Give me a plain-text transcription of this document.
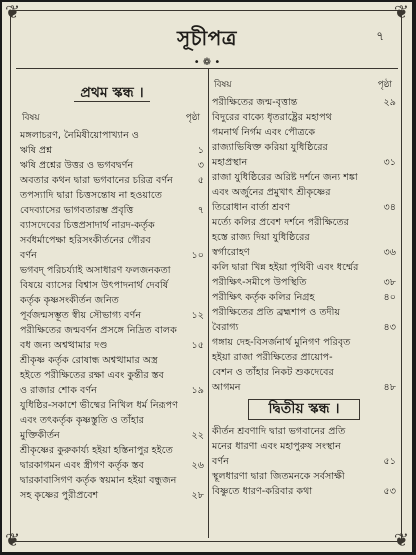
❦	❦
❦	❦
সূচীপত্র	৭
• ❁ •
প্রথম স্কন্ধ ।
বিষয়	পৃষ্ঠা
মঙ্গলাচরণ, নৈমিষীয়োপাখ্যান ও
ঋষি প্রশ্ন	১
ঋষি প্রশ্নের উত্তর ও ভগবদ্বর্ণন	৩
অবতার কথন দ্বারা ভগবানের চরিত্র বর্ণন	৫
তপস্যাদি দ্বারা চিত্তসন্তোষ না হওয়াতে
বেদব্যাসের ভাগবতারম্ভ প্রবৃত্তি	৭
ব্যাসদেবের চিত্তপ্রসাদার্থ নারদ-কর্তৃক
সর্বধর্মাপেক্ষা হরিসংকীর্তনের গৌরব
বর্ণন	১০
ভগবদ্ পরিচর্য্যাই অসাধারণ ফলজনকতা
বিষয়ে ব্যাসের বিশ্বাস উৎপাদনার্থ দেবর্ষি
কর্তৃক কৃষ্ণসংকীর্তন জনিত
পূর্বজন্মসম্ভূত স্বীয় সৌভাগ্য বর্ণন	১২
পরীক্ষিতের জন্মবর্ণন প্রসঙ্গে নিদ্রিত বালক
বধ জন্য অশ্বত্থামার দণ্ড	১৫
শ্রীকৃষ্ণ কর্তৃক রোষান্ধ অশ্বত্থামার অস্ত্র
হইতে পরীক্ষিতের রক্ষা এবং কুন্তীর স্তব
ও রাজার শোক বর্ণন	১৯
যুধিষ্ঠির-সকাশে ভীষ্মের নিখিল ধর্ম নিরূপণ
এবং তৎকর্তৃক কৃষ্ণস্তুতি ও তাঁহার
মুক্তিকীর্তন	২২
শ্রীকৃষ্ণের কুরুকার্য্য হইয়া হস্তিনাপুর হইতে
দ্বারকাগমন এবং স্ত্রীগণ কর্তৃক স্তব	২৬
দ্বারকাবাসিগণ কর্তৃক স্বয়মান হইয়া বন্ধুজন
সহ কৃষ্ণের পুরীপ্রবেশ	২৮
বিষয়	পৃষ্ঠা
পরীক্ষিতের জন্ম-বৃত্তান্ত	২৯
বিদুরের বাক্যে ধৃতরাষ্ট্রের মহাপথ
গমনার্থ নির্গম এবং পৌত্রকে
রাজ্যাভিষিক্ত করিয়া যুধিষ্ঠিরের
মহাপ্রস্থান	৩১
রাজা যুধিষ্ঠিরের অরিষ্ট দর্শনে জন্য শঙ্কা
এবং অর্জুনের প্রমুখাৎ শ্রীকৃষ্ণের
তিরোধান বার্তা শ্রবণ	৩৪
মর্ত্যে কলির প্রবেশ দর্শনে পরীক্ষিতের
হস্তে রাজ্য দিয়া যুধিষ্ঠিরের
স্বর্গারোহণ	৩৬
কলি দ্বারা খিন্ন হইয়া পৃথিবী এবং ধর্ম্মের
পরীক্ষিৎ-সমীপে উপস্থিতি	৩৮
পরীক্ষিৎ কর্তৃক কলির নিগ্রহ	৪০
পরীক্ষিতের প্রতি ব্রহ্মশাপ ও তদীয়
বৈরাগ্য	৪৩
গঙ্গায় দেহ-বিসর্জনার্থ মুনিগণ পরিবৃত
হইয়া রাজা পরীক্ষিতের প্রায়োপ-
বেশন ও তাঁহার নিকট শুকদেবের
আগমন	৪৮
দ্বিতীয় স্কন্ধ ।
কীর্তন শ্রবণাদি দ্বারা ভগবানের প্রতি
মনের ধারণা এবং মহাপুরুষ সংস্থান
বর্ণন	৫১
স্থূলধারণা দ্বারা জিতমনকে সর্বসাক্ষী
বিষ্ণুতে ধারণ-করিবার কথা	৫৩
